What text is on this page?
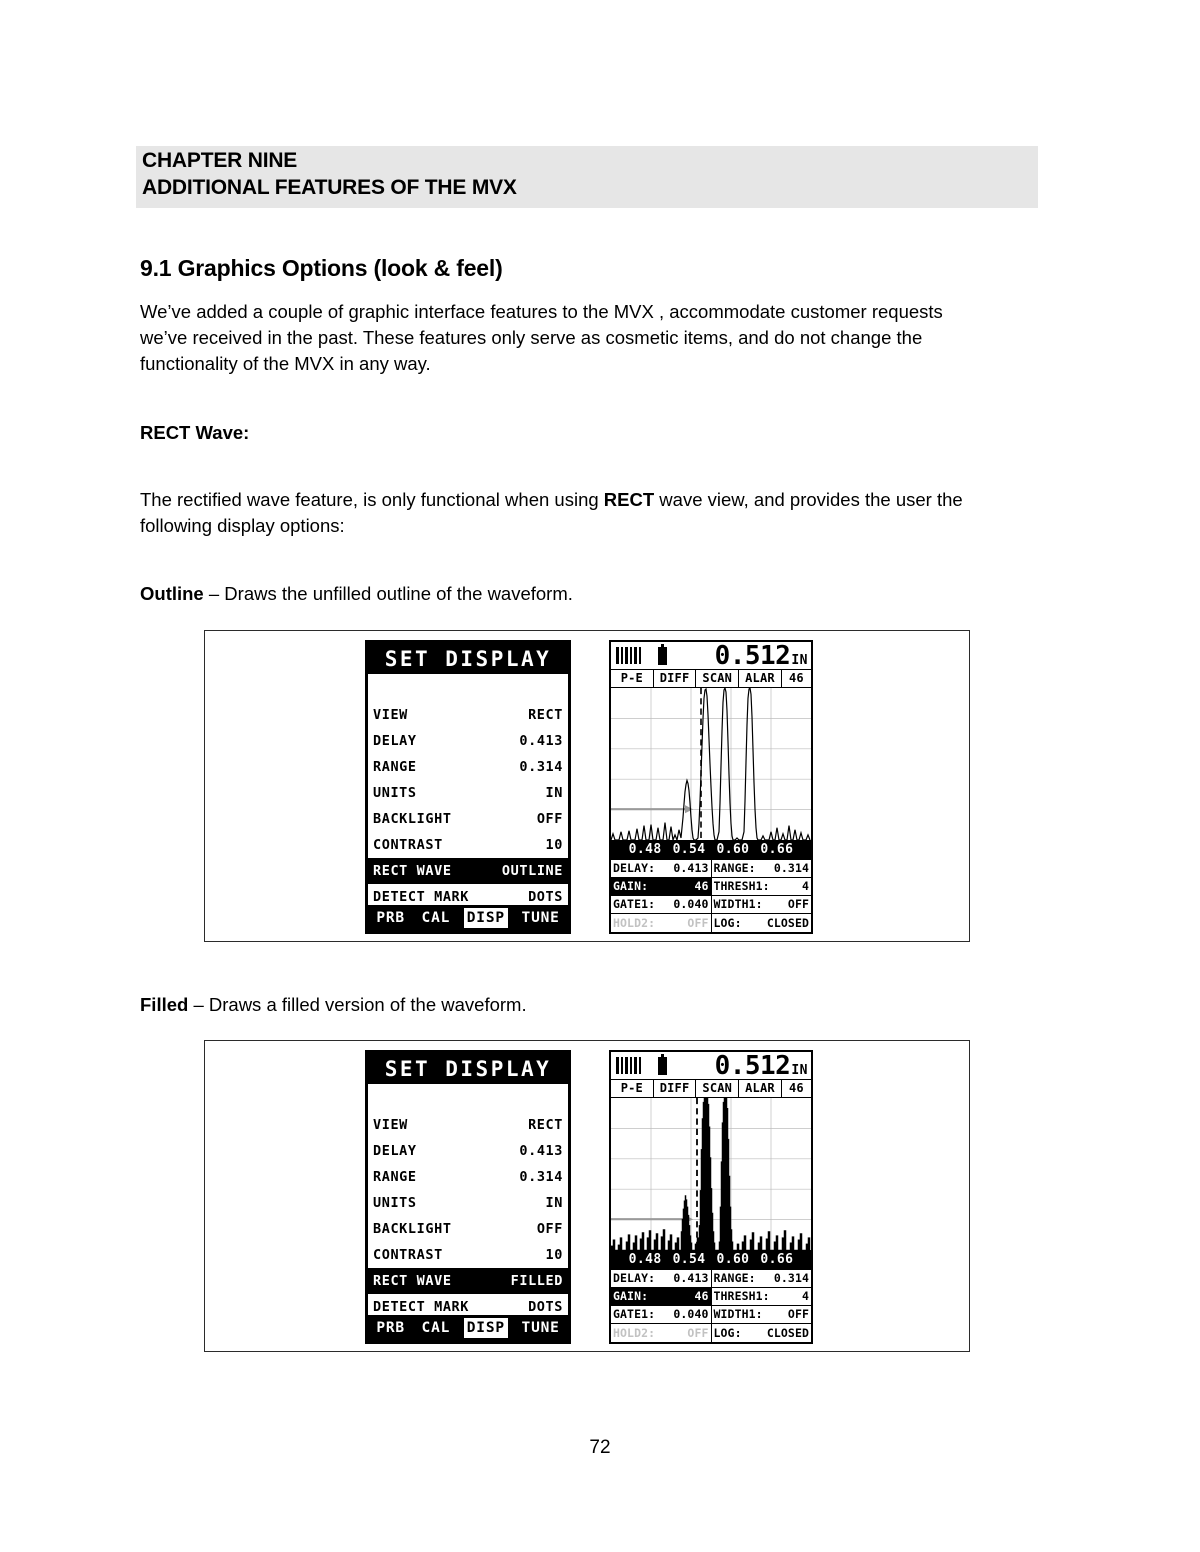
CHAPTER NINE
ADDITIONAL FEATURES OF THE MVX
9.1 Graphics Options (look & feel)
We’ve added a couple of graphic interface features to the MVX , accommodate customer requests we’ve received in the past. These features only serve as cosmetic items, and do not change the functionality of the MVX in any way.
RECT Wave:
The rectified wave feature, is only functional when using RECT wave view, and provides the user the following display options:
Outline – Draws the unfilled outline of the waveform.
SET DISPLAY
VIEW	RECT
DELAY	0.413
RANGE	0.314
UNITS	IN
BACKLIGHT	OFF
CONTRAST	10
RECT WAVE	OUTLINE
DETECT MARK	DOTS
PRB CAL DISP TUNE
0.512 IN
P-E	DIFF	SCAN	ALAR	46
0.48 0.54 0.60 0.66
DELAY: 0.413 RANGE: 0.314
GAIN:	46 THRESH1:	4
GATE1: 0.040 WIDTH1: OFF
HOLD2:	OFF LOG: CLOSED
Filled – Draws a filled version of the waveform.
SET DISPLAY
VIEW	RECT
DELAY	0.413
RANGE	0.314
UNITS	IN
BACKLIGHT	OFF
CONTRAST	10
RECT WAVE	FILLED
DETECT MARK	DOTS
PRB CAL DISP TUNE
0.512 IN
P-E	DIFF	SCAN	ALAR	46
0.48 0.54 0.60 0.66
DELAY: 0.413 RANGE: 0.314
GAIN:	46 THRESH1:	4
GATE1: 0.040 WIDTH1: OFF
HOLD2:	OFF LOG: CLOSED
72
